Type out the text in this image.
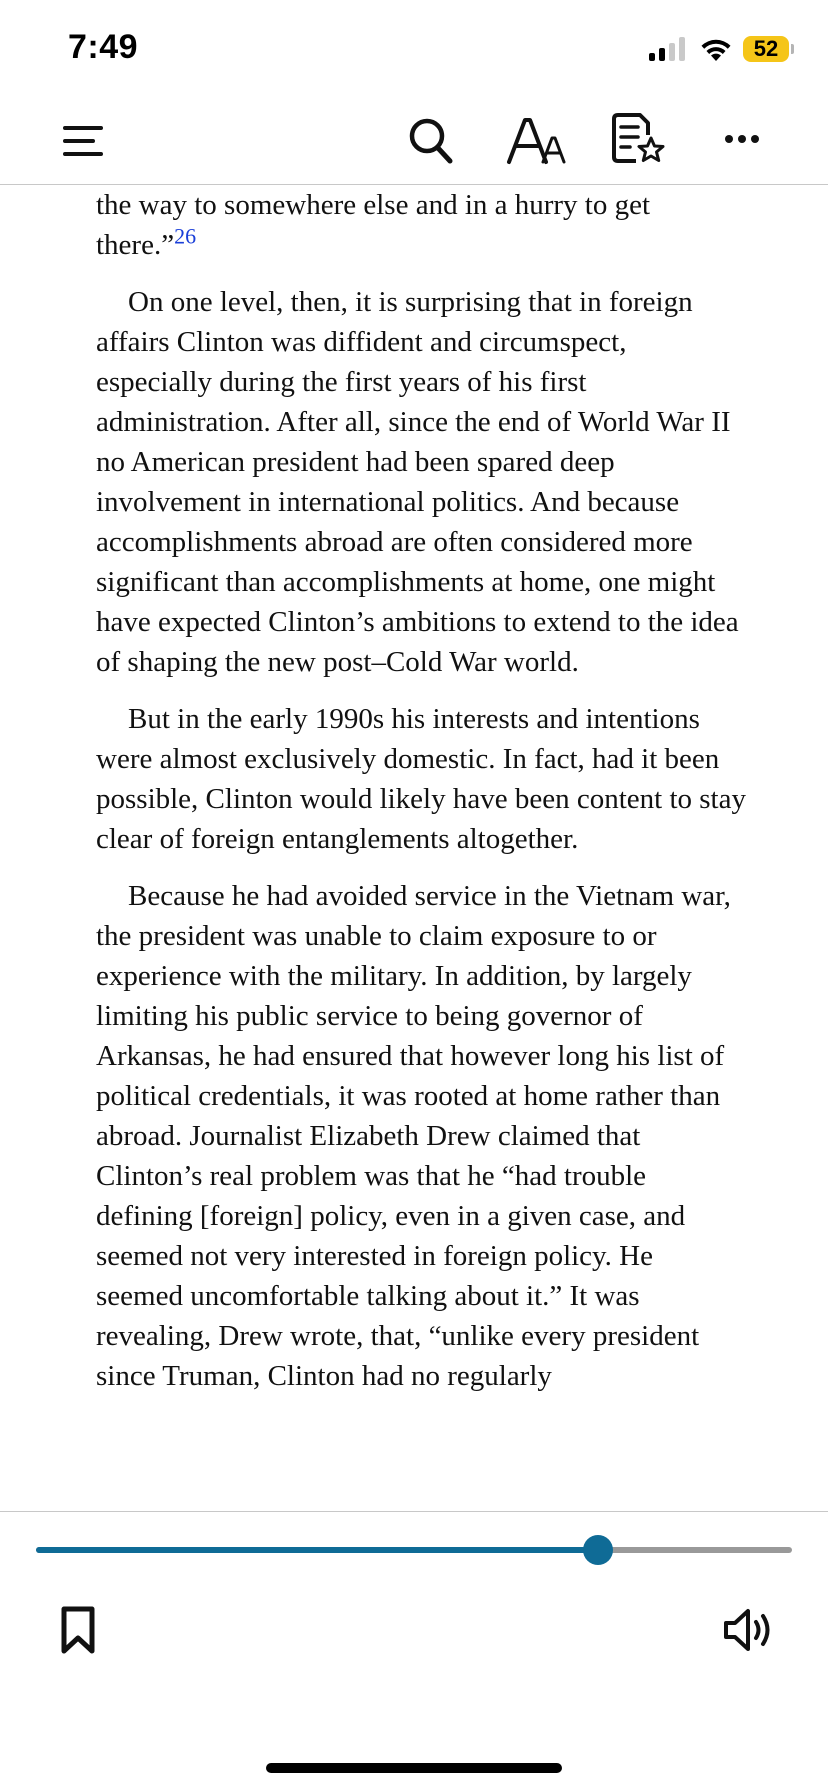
7:49	52

the way to somewhere else and in a hurry to get there.”$^{26}$

On one level, then, it is surprising that in foreign affairs Clinton was diffident and circumspect, especially during the first years of his first administration. After all, since the end of World War II no American president had been spared deep involvement in international politics. And because accomplishments abroad are often considered more significant than accomplishments at home, one might have expected Clinton’s ambitions to extend to the idea of shaping the new post–Cold War world.

But in the early 1990s his interests and intentions were almost exclusively domestic. In fact, had it been possible, Clinton would likely have been content to stay clear of foreign entanglements altogether.

Because he had avoided service in the Vietnam war, the president was unable to claim exposure to or experience with the military. In addition, by largely limiting his public service to being governor of Arkansas, he had ensured that however long his list of political credentials, it was rooted at home rather than abroad. Journalist Elizabeth Drew claimed that Clinton’s real problem was that he “had trouble defining [foreign] policy, even in a given case, and seemed not very interested in foreign policy. He seemed uncomfortable talking about it.” It was revealing, Drew wrote, that, “unlike every president since Truman, Clinton had no regularly
